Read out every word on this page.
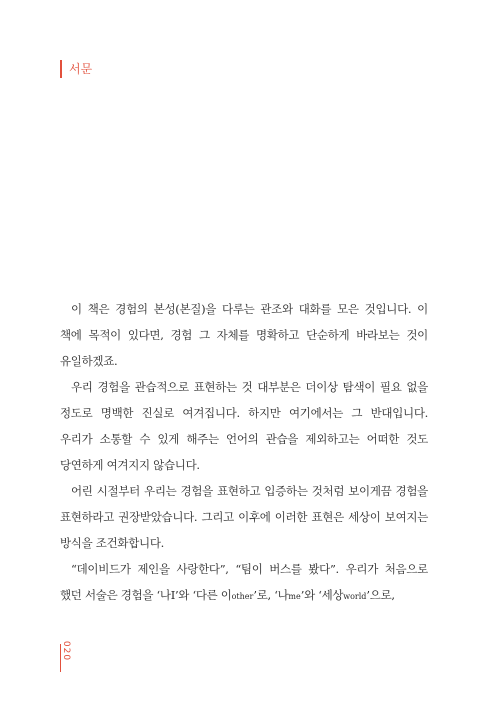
서문

이 책은 경험의 본성(본질)을 다루는 관조와 대화를 모은 것입니다. 이 책에 목적이 있다면, 경험 그 자체를 명확하고 단순하게 바라보는 것이 유일하겠죠.

우리 경험을 관습적으로 표현하는 것 대부분은 더이상 탐색이 필요 없을 정도로 명백한 진실로 여겨집니다. 하지만 여기에서는 그 반대입니다. 우리가 소통할 수 있게 해주는 언어의 관습을 제외하고는 어떠한 것도 당연하게 여겨지지 않습니다.

어린 시절부터 우리는 경험을 표현하고 입증하는 것처럼 보이게끔 경험을 표현하라고 권장받았습니다. 그리고 이후에 이러한 표현은 세상이 보여지는 방식을 조건화합니다.

“데이비드가 제인을 사랑한다”, “팀이 버스를 봤다”. 우리가 처음으로 했던 서술은 경험을 ‘나I’와 ‘다른 이other’로, ‘나me’와 ‘세상world’으로,

020
